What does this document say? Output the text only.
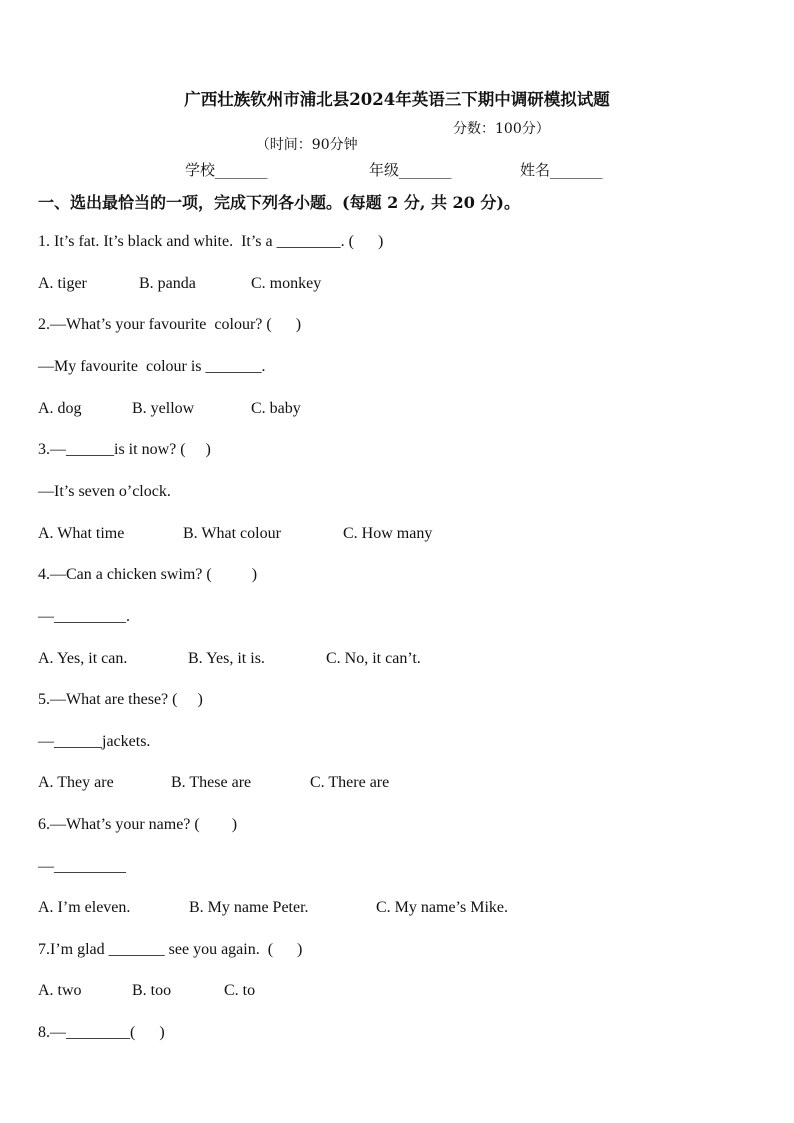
广西壮族钦州市浦北县2024年英语三下期中调研模拟试题

（时间：90分钟

分数：100分）

学校_______	年级_______	姓名_______
一、选出最恰当的一项，完成下列各小题。(每题 2 分, 共 20 分)。
1. It’s fat. It’s black and white.  It’s a ________. (      )
A. tiger	B. panda	C. monkey
2.—What’s your favourite  colour? (      )
—My favourite  colour is _______.
A. dog	B. yellow	C. baby
3.—______is it now? (     )
—It’s seven o’clock.
A. What time	B. What colour	C. How many
4.—Can a chicken swim? (          )
—_________.
A. Yes, it can.	B. Yes, it is.	C. No, it can’t.
5.—What are these? (     )
—______jackets.
A. They are	B. These are	C. There are
6.—What’s your name? (        )
—_________
A. I’m eleven.	B. My name Peter.	C. My name’s Mike.
7.I’m glad _______ see you again.  (      )
A. two	B. too	C. to
8.—________(      )
